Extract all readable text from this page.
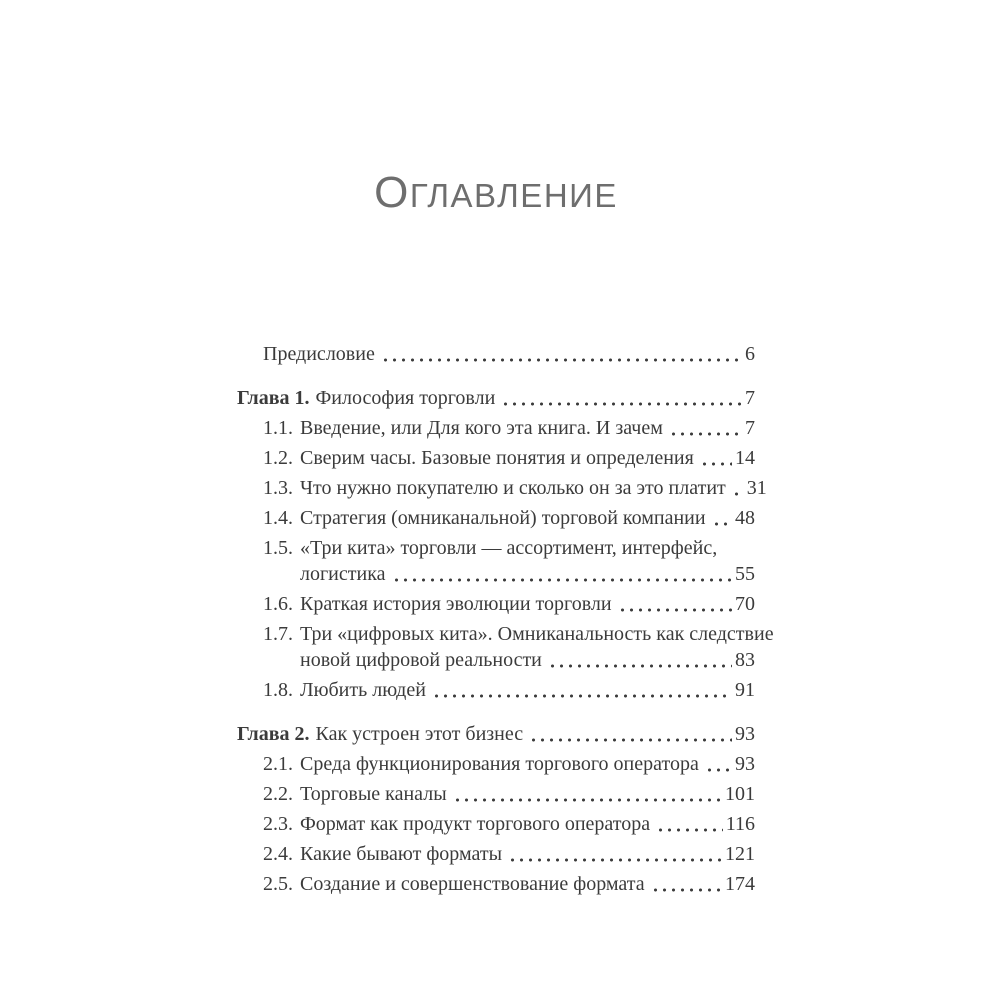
ОГЛАВЛЕНИЕ
Предисловие	6
Глава 1. Философия торговли	7
1.1. Введение, или Для кого эта книга. И зачем	7
1.2. Сверим часы. Базовые понятия и определения 14
1.3. Что нужно покупателю и сколько он за это платит 31
1.4. Стратегия (омниканальной) торговой компании 48
1.5. «Три кита» торговли — ассортимент, интерфейс,
логистика	55
1.6. Краткая история эволюции торговли	70
1.7. Три «цифровых кита». Омниканальность как следствие
новой цифровой реальности	83
1.8. Любить людей	91
Глава 2. Как устроен этот бизнес	93
2.1. Среда функционирования торгового оператора 93
2.2. Торговые каналы	101
2.3. Формат как продукт торгового оператора	116
2.4. Какие бывают форматы	121
2.5. Создание и совершенствование формата	174
